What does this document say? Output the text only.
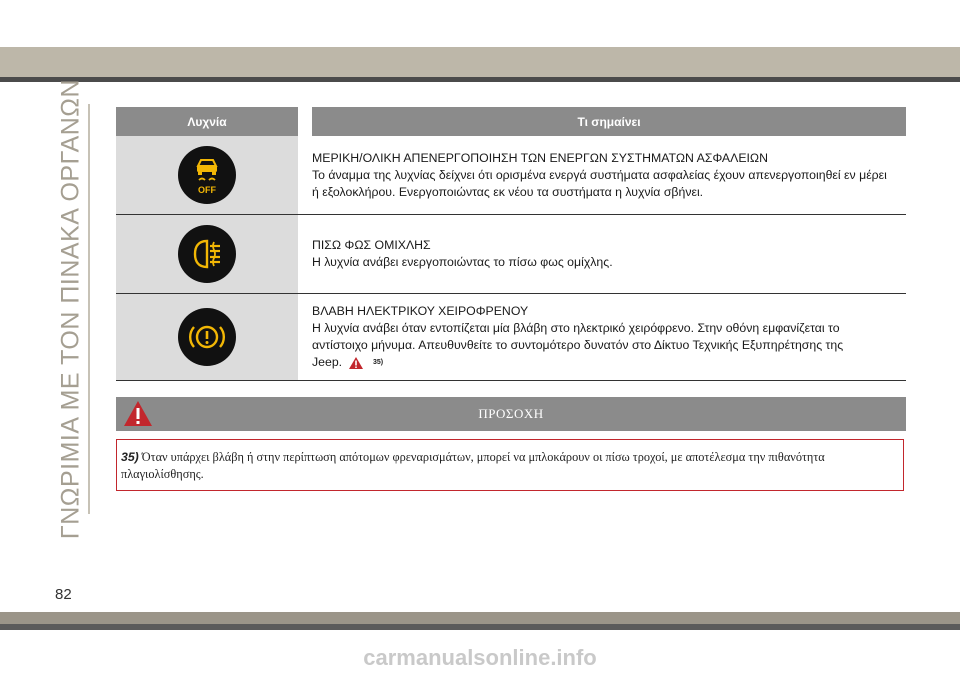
ΓΝΩΡΙΜΙΑ ΜΕ ΤΟΝ ΠΙΝΑΚΑ ΟΡΓΑΝΩΝ	Λυχνία	Τι σημαίνει
OFF
ΜΕΡΙΚΗ/ΟΛΙΚΗ ΑΠΕΝΕΡΓΟΠΟΙΗΣΗ ΤΩΝ ΕΝΕΡΓΩΝ ΣΥΣΤΗΜΑΤΩΝ ΑΣΦΑΛΕΙΩΝ
Το άναμμα της λυχνίας δείχνει ότι ορισμένα ενεργά συστήματα ασφαλείας έχουν απενεργοποιηθεί εν μέρει ή εξολοκλήρου. Ενεργοποιώντας εκ νέου τα συστήματα η λυχνία σβήνει.
ΠΙΣΩ ΦΩΣ ΟΜΙΧΛΗΣ
Η λυχνία ανάβει ενεργοποιώντας το πίσω φως ομίχλης.
ΒΛΑΒΗ ΗΛΕΚΤΡΙΚΟΥ ΧΕΙΡΟΦΡΕΝΟΥ
Η λυχνία ανάβει όταν εντοπίζεται μία βλάβη στο ηλεκτρικό χειρόφρενο. Στην οθόνη εμφανίζεται το αντίστοιχο μήνυμα. Απευθυνθείτε το συντομότερο δυνατόν στο Δίκτυο Τεχνικής Εξυπηρέτησης της
Jeep.	35)
ΠΡΟΣΟΧΗ
35) Όταν υπάρχει βλάβη ή στην περίπτωση απότομων φρεναρισμάτων, μπορεί να μπλοκάρουν οι πίσω τροχοί, με αποτέλεσμα την πιθανότητα πλαγιολίσθησης.
82
carmanualsonline.info
